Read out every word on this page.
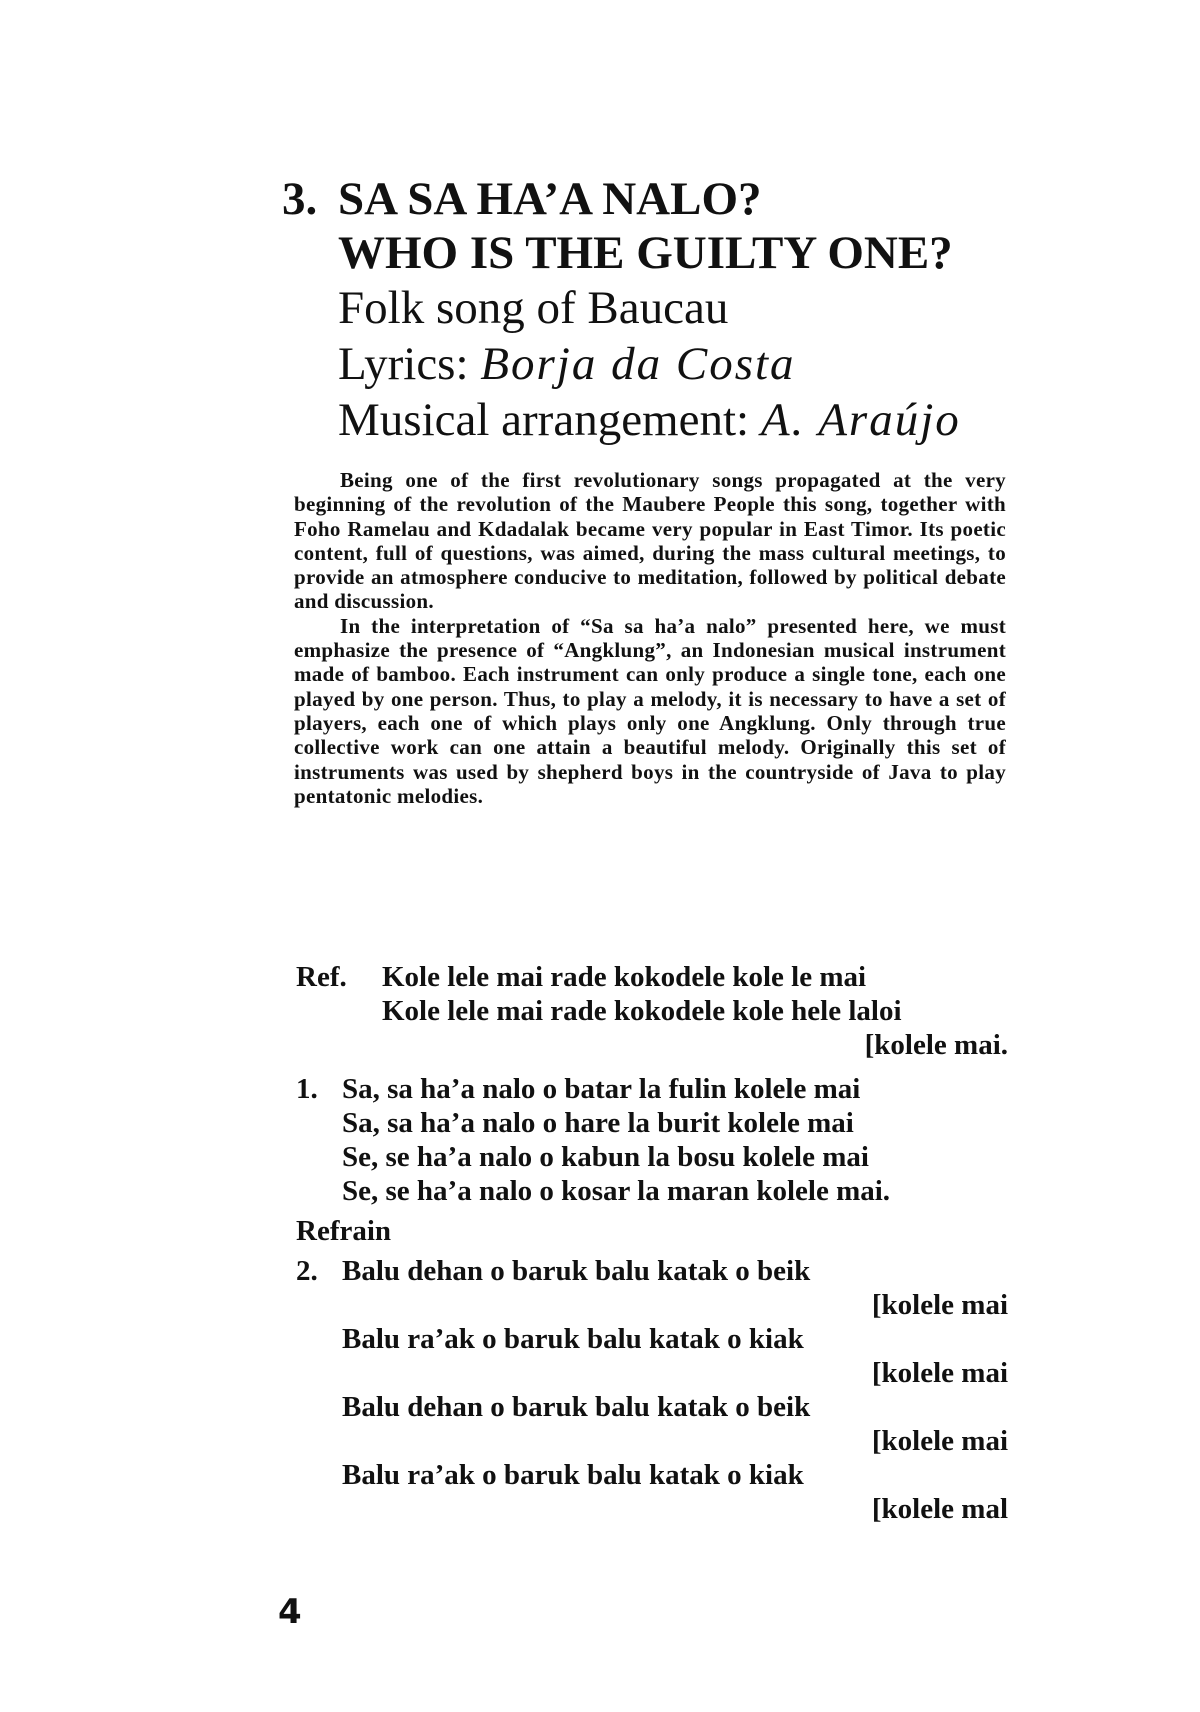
3. SA SA HA’A NALO?
WHO IS THE GUILTY ONE?
Folk song of Baucau
Lyrics: Borja da Costa
Musical arrangement: A. Araújo

Being one of the first revolutionary songs propagated at the very beginning of the revolution of the Maubere People this song, together with Foho Ramelau and Kdadalak became very popular in East Timor. Its poetic content, full of questions, was aimed, during the mass cultural meetings, to provide an atmosphere conducive to meditation, followed by political debate and discussion.

In the interpretation of “Sa sa ha’a nalo” presented here, we must emphasize the presence of “Angklung”, an Indonesian musical instrument made of bamboo. Each instrument can only produce a single tone, each one played by one person. Thus, to play a melody, it is necessary to have a set of players, each one of which plays only one Angklung. Only through true collective work can one attain a beautiful melody. Originally this set of instruments was used by shepherd boys in the countryside of Java to play pentatonic melodies.

Ref.	Kole lele mai rade kokodele kole le mai
Kole lele mai rade kokodele kole hele laloi
[kolele mai.
1. Sa, sa ha’a nalo o batar la fulin kolele mai
Sa, sa ha’a nalo o hare la burit kolele mai
Se, se ha’a nalo o kabun la bosu kolele mai
Se, se ha’a nalo o kosar la maran kolele mai.
Refrain
2. Balu dehan o baruk balu katak o beik
[kolele mai
Balu ra’ak o baruk balu katak o kiak
[kolele mai
Balu dehan o baruk balu katak o beik
[kolele mai
Balu ra’ak o baruk balu katak o kiak
[kolele mal
4
